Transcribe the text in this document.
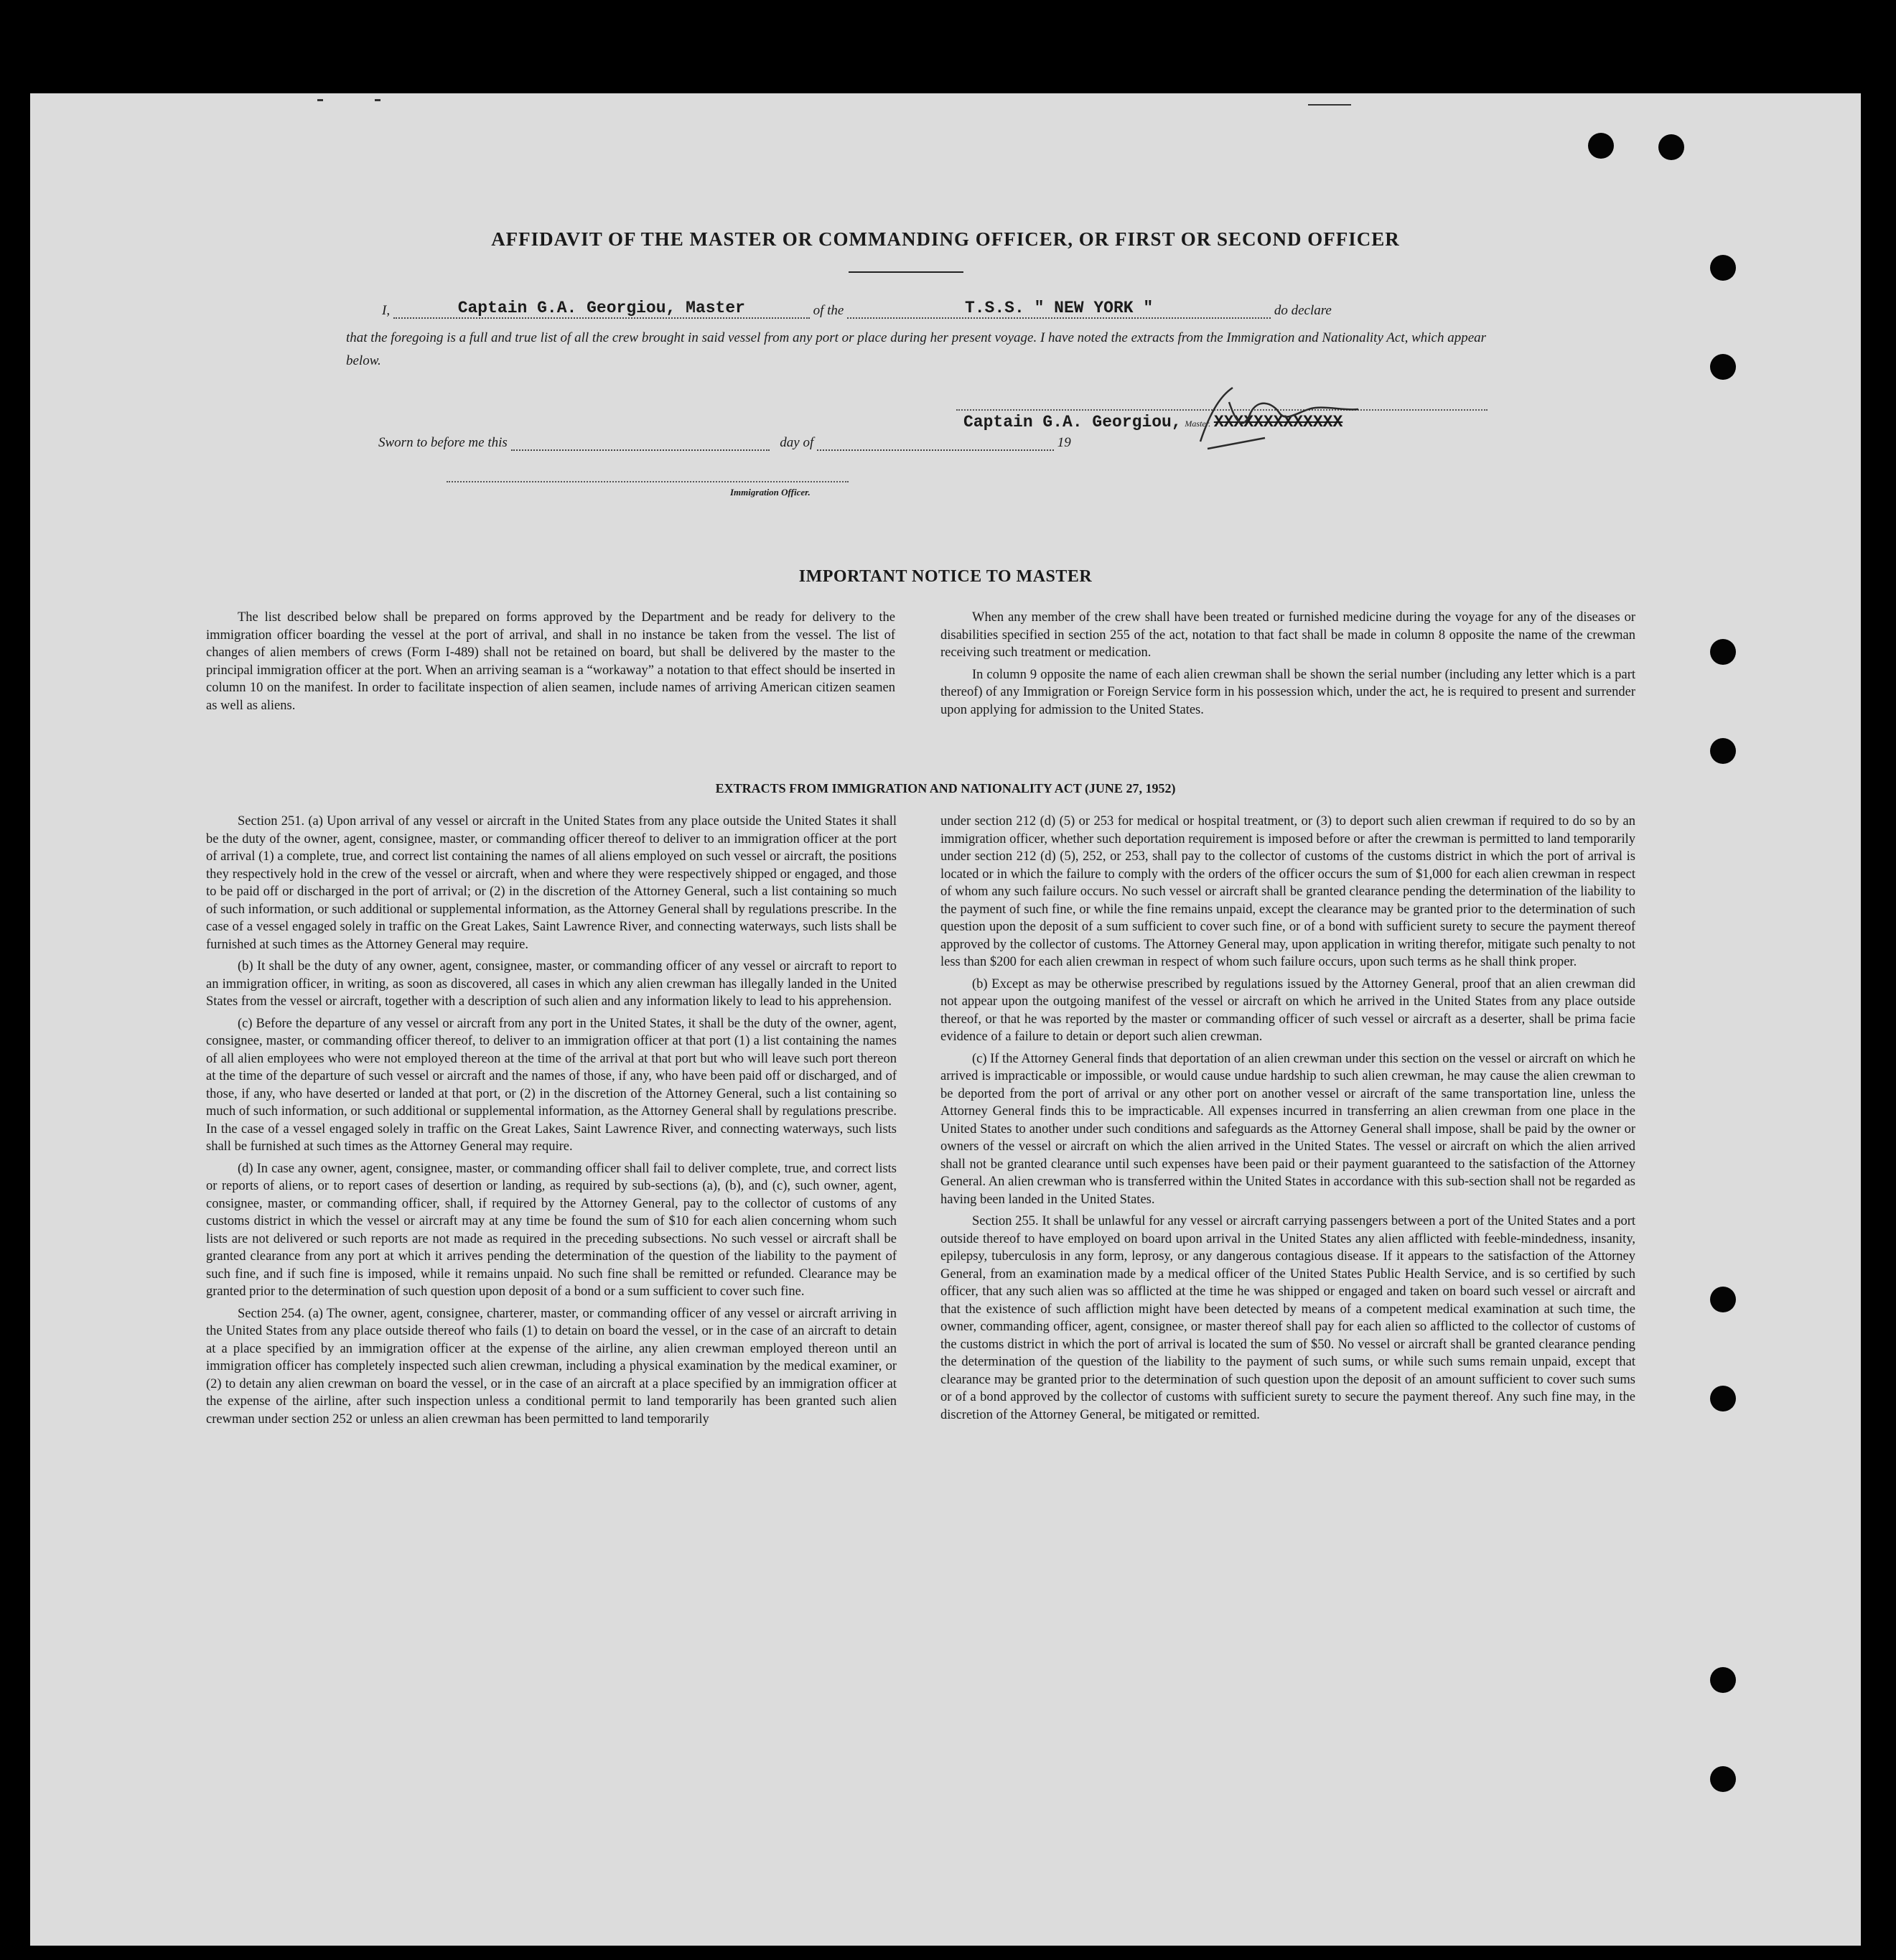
AFFIDAVIT OF THE MASTER OR COMMANDING OFFICER, OR FIRST OR SECOND OFFICER
I,	Captain G.A. Georgiou, Master	of the	T.S.S. " NEW YORK "	do declare
that the foregoing is a full and true list of all the crew brought in said vessel from any port or place during her present voyage. I have noted the extracts from the Immigration and Nationality Act, which appear below.
Sworn to before me this	day of	19
Captain G.A. Georgiou, Master. XXXXXXXXXXXXX
Immigration Officer.
IMPORTANT NOTICE TO MASTER

The list described below shall be prepared on forms approved by the Department and be ready for delivery to the immigration officer boarding the vessel at the port of arrival, and shall in no instance be taken from the vessel. The list of changes of alien members of crews (Form I-489) shall not be retained on board, but shall be delivered by the master to the principal immigration officer at the port. When an arriving seaman is a “workaway” a notation to that effect should be inserted in column 10 on the manifest. In order to facilitate inspection of alien seamen, include names of arriving American citizen seamen as well as aliens.

When any member of the crew shall have been treated or furnished medicine during the voyage for any of the diseases or disabilities specified in section 255 of the act, notation to that fact shall be made in column 8 opposite the name of the crewman receiving such treatment or medication.

In column 9 opposite the name of each alien crewman shall be shown the serial number (including any letter which is a part thereof) of any Immigration or Foreign Service form in his possession which, under the act, he is required to present and surrender upon applying for admission to the United States.

EXTRACTS FROM IMMIGRATION AND NATIONALITY ACT (JUNE 27, 1952)

Section 251. (a) Upon arrival of any vessel or aircraft in the United States from any place outside the United States it shall be the duty of the owner, agent, consignee, master, or commanding officer thereof to deliver to an immigration officer at the port of arrival (1) a complete, true, and correct list containing the names of all aliens employed on such vessel or aircraft, the positions they respectively hold in the crew of the vessel or aircraft, when and where they were respectively shipped or engaged, and those to be paid off or discharged in the port of arrival; or (2) in the discretion of the Attorney General, such a list containing so much of such information, or such additional or supplemental information, as the Attorney General shall by regulations prescribe. In the case of a vessel engaged solely in traffic on the Great Lakes, Saint Lawrence River, and connecting waterways, such lists shall be furnished at such times as the Attorney General may require.

(b) It shall be the duty of any owner, agent, consignee, master, or commanding officer of any vessel or aircraft to report to an immigration officer, in writing, as soon as discovered, all cases in which any alien crewman has illegally landed in the United States from the vessel or aircraft, together with a description of such alien and any information likely to lead to his apprehension.

(c) Before the departure of any vessel or aircraft from any port in the United States, it shall be the duty of the owner, agent, consignee, master, or commanding officer thereof, to deliver to an immigration officer at that port (1) a list containing the names of all alien employees who were not employed thereon at the time of the arrival at that port but who will leave such port thereon at the time of the departure of such vessel or aircraft and the names of those, if any, who have been paid off or discharged, and of those, if any, who have deserted or landed at that port, or (2) in the discretion of the Attorney General, such a list containing so much of such information, or such additional or supplemental information, as the Attorney General shall by regulations prescribe. In the case of a vessel engaged solely in traffic on the Great Lakes, Saint Lawrence River, and connecting waterways, such lists shall be furnished at such times as the Attorney General may require.

(d) In case any owner, agent, consignee, master, or commanding officer shall fail to deliver complete, true, and correct lists or reports of aliens, or to report cases of desertion or landing, as required by sub-sections (a), (b), and (c), such owner, agent, consignee, master, or commanding officer, shall, if required by the Attorney General, pay to the collector of customs of any customs district in which the vessel or aircraft may at any time be found the sum of $10 for each alien concerning whom such lists are not delivered or such reports are not made as required in the preceding subsections. No such vessel or aircraft shall be granted clearance from any port at which it arrives pending the determination of the question of the liability to the payment of such fine, and if such fine is imposed, while it remains unpaid. No such fine shall be remitted or refunded. Clearance may be granted prior to the determination of such question upon deposit of a bond or a sum sufficient to cover such fine.

Section 254. (a) The owner, agent, consignee, charterer, master, or commanding officer of any vessel or aircraft arriving in the United States from any place outside thereof who fails (1) to detain on board the vessel, or in the case of an aircraft to detain at a place specified by an immigration officer at the expense of the airline, any alien crewman employed thereon until an immigration officer has completely inspected such alien crewman, including a physical examination by the medical examiner, or (2) to detain any alien crewman on board the vessel, or in the case of an aircraft at a place specified by an immigration officer at the expense of the airline, after such inspection unless a conditional permit to land temporarily has been granted such alien crewman under section 252 or unless an alien crewman has been permitted to land temporarily

under section 212 (d) (5) or 253 for medical or hospital treatment, or (3) to deport such alien crewman if required to do so by an immigration officer, whether such deportation requirement is imposed before or after the crewman is permitted to land temporarily under section 212 (d) (5), 252, or 253, shall pay to the collector of customs of the customs district in which the port of arrival is located or in which the failure to comply with the orders of the officer occurs the sum of $1,000 for each alien crewman in respect of whom any such failure occurs. No such vessel or aircraft shall be granted clearance pending the determination of the liability to the payment of such fine, or while the fine remains unpaid, except the clearance may be granted prior to the determination of such question upon the deposit of a sum sufficient to cover such fine, or of a bond with sufficient surety to secure the payment thereof approved by the collector of customs. The Attorney General may, upon application in writing therefor, mitigate such penalty to not less than $200 for each alien crewman in respect of whom such failure occurs, upon such terms as he shall think proper.

(b) Except as may be otherwise prescribed by regulations issued by the Attorney General, proof that an alien crewman did not appear upon the outgoing manifest of the vessel or aircraft on which he arrived in the United States from any place outside thereof, or that he was reported by the master or commanding officer of such vessel or aircraft as a deserter, shall be prima facie evidence of a failure to detain or deport such alien crewman.

(c) If the Attorney General finds that deportation of an alien crewman under this section on the vessel or aircraft on which he arrived is impracticable or impossible, or would cause undue hardship to such alien crewman, he may cause the alien crewman to be deported from the port of arrival or any other port on another vessel or aircraft of the same transportation line, unless the Attorney General finds this to be impracticable. All expenses incurred in transferring an alien crewman from one place in the United States to another under such conditions and safeguards as the Attorney General shall impose, shall be paid by the owner or owners of the vessel or aircraft on which the alien arrived in the United States. The vessel or aircraft on which the alien arrived shall not be granted clearance until such expenses have been paid or their payment guaranteed to the satisfaction of the Attorney General. An alien crewman who is transferred within the United States in accordance with this sub-section shall not be regarded as having been landed in the United States.

Section 255. It shall be unlawful for any vessel or aircraft carrying passengers between a port of the United States and a port outside thereof to have employed on board upon arrival in the United States any alien afflicted with feeble-mindedness, insanity, epilepsy, tuberculosis in any form, leprosy, or any dangerous contagious disease. If it appears to the satisfaction of the Attorney General, from an examination made by a medical officer of the United States Public Health Service, and is so certified by such officer, that any such alien was so afflicted at the time he was shipped or engaged and taken on board such vessel or aircraft and that the existence of such affliction might have been detected by means of a competent medical examination at such time, the owner, commanding officer, agent, consignee, or master thereof shall pay for each alien so afflicted to the collector of customs of the customs district in which the port of arrival is located the sum of $50. No vessel or aircraft shall be granted clearance pending the determination of the question of the liability to the payment of such sums, or while such sums remain unpaid, except that clearance may be granted prior to the determination of such question upon the deposit of an amount sufficient to cover such sums or of a bond approved by the collector of customs with sufficient surety to secure the payment thereof. Any such fine may, in the discretion of the Attorney General, be mitigated or remitted.
